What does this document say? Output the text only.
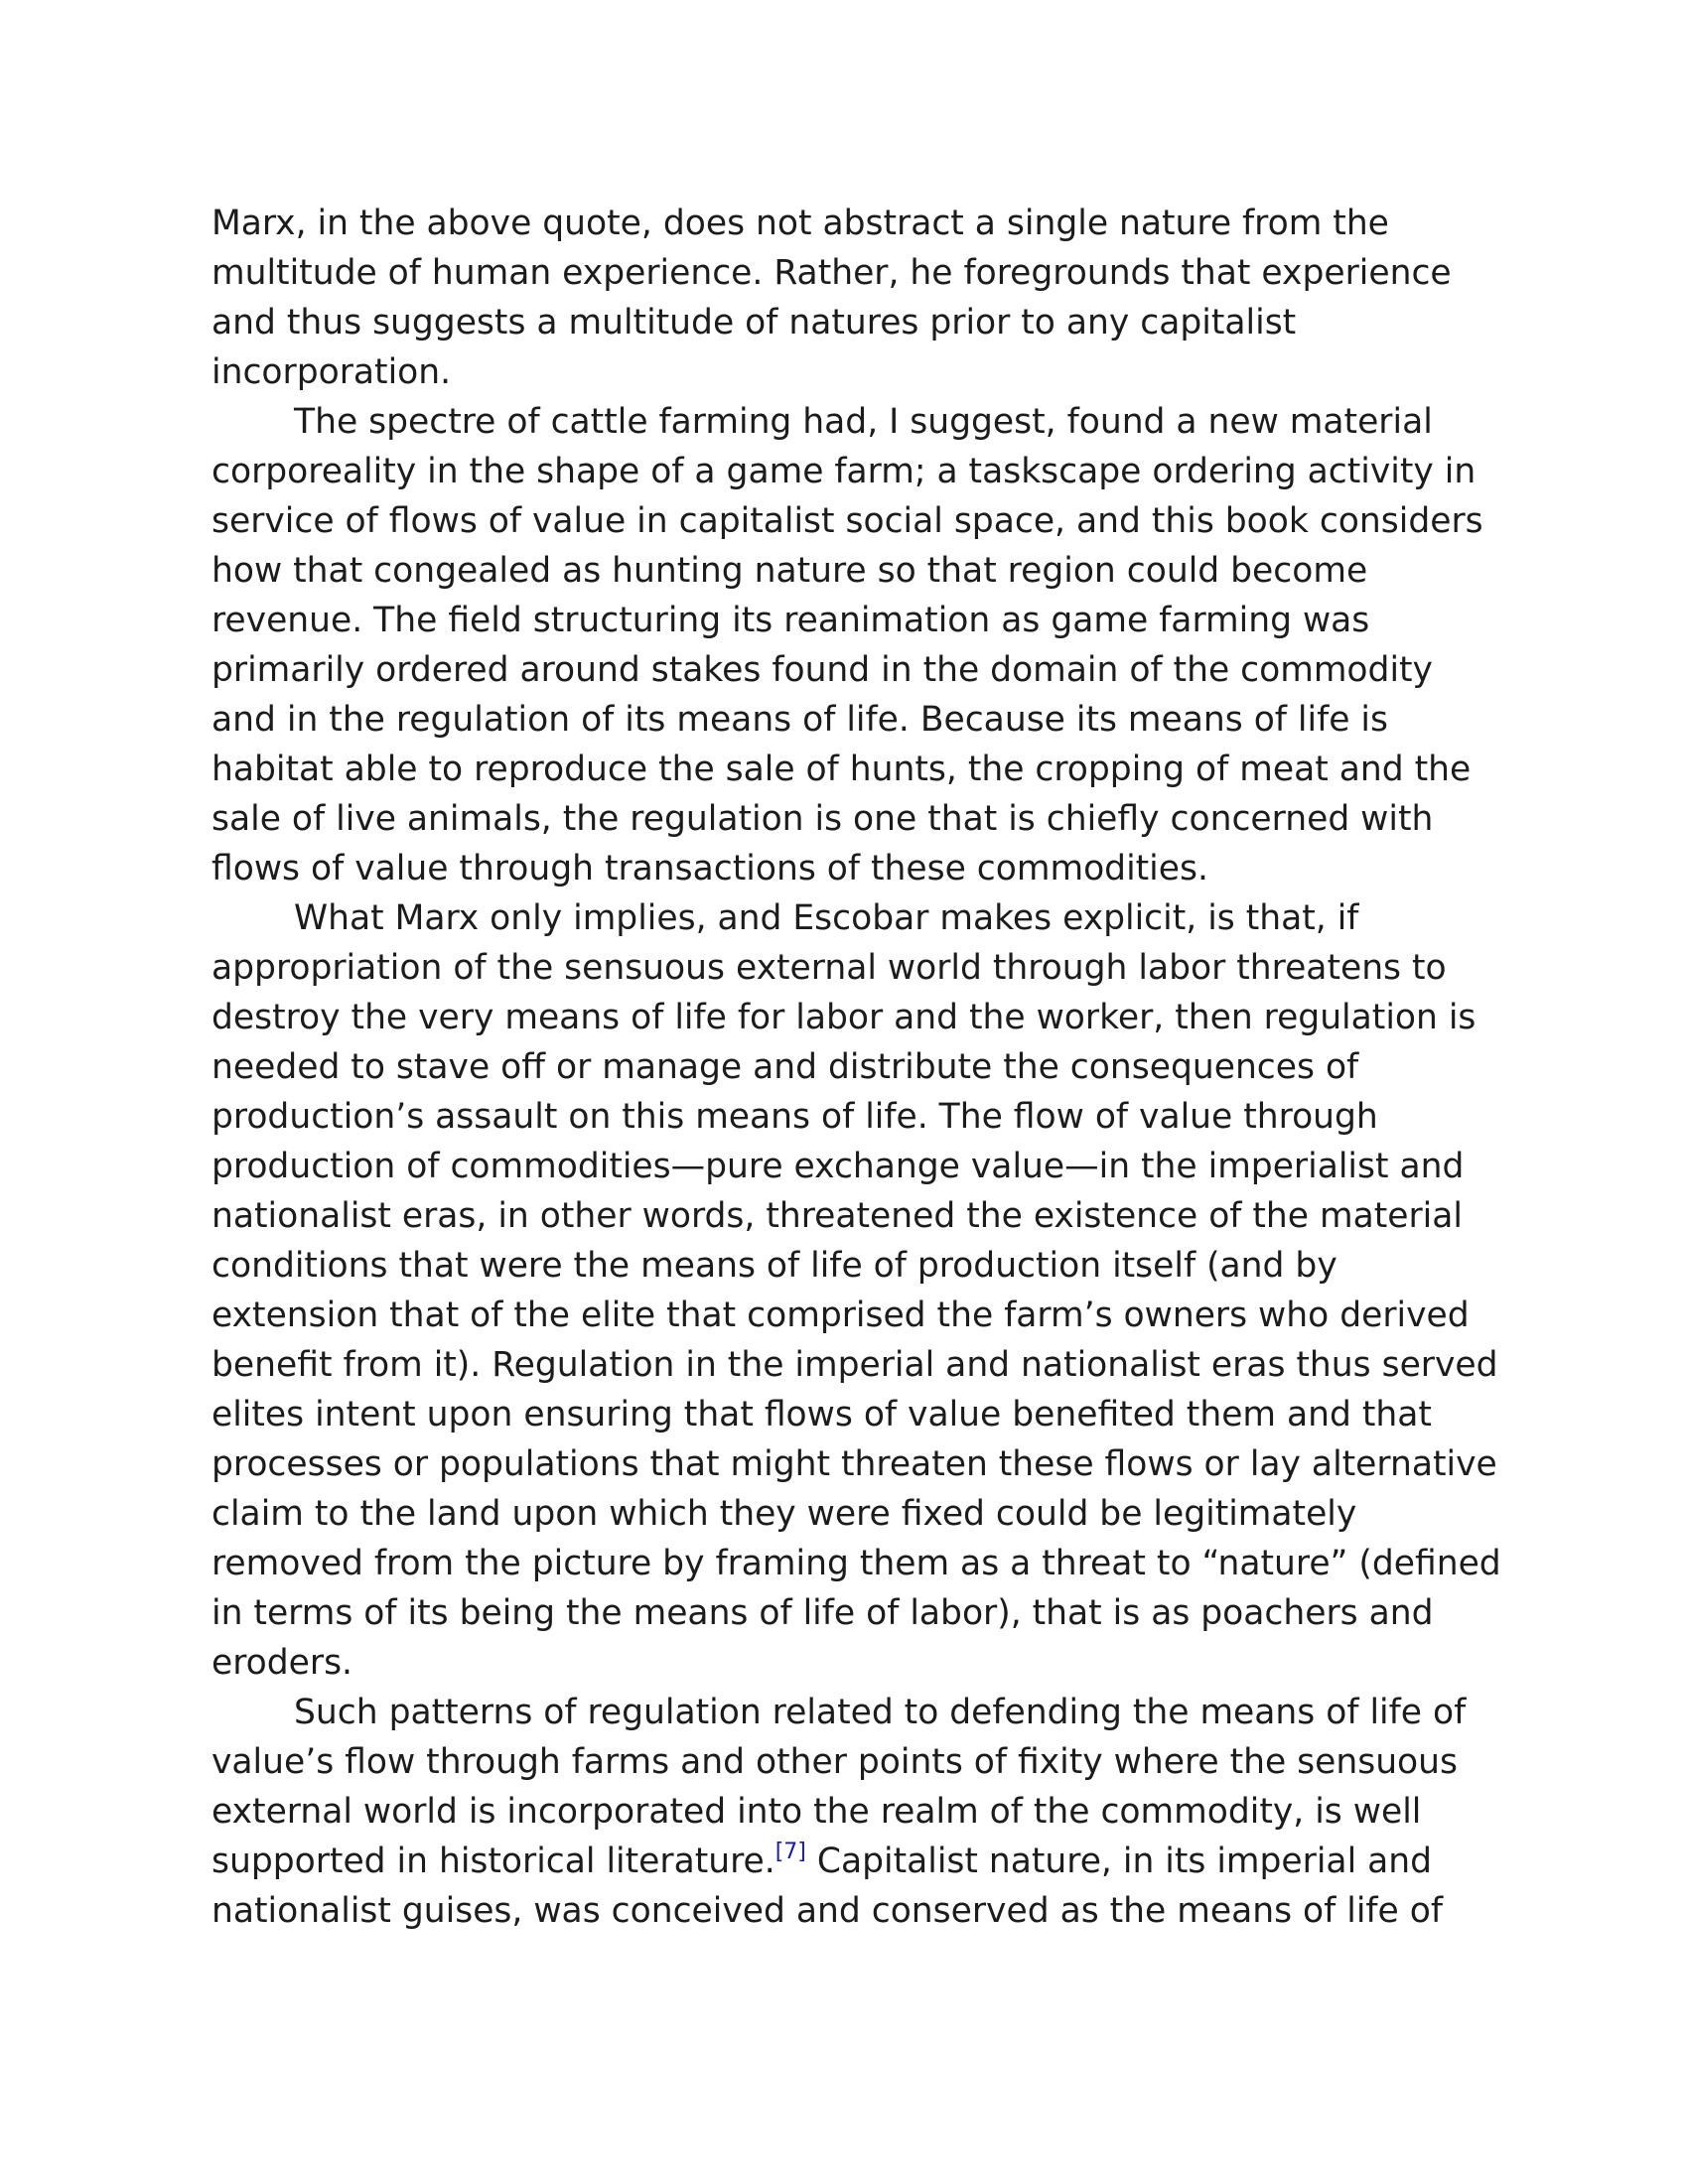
Marx, in the above quote, does not abstract a single nature from the
multitude of human experience. Rather, he foregrounds that experience
and thus suggests a multitude of natures prior to any capitalist
incorporation.

The spectre of cattle farming had, I suggest, found a new material
corporeality in the shape of a game farm; a taskscape ordering activity in
service of flows of value in capitalist social space, and this book considers
how that congealed as hunting nature so that region could become
revenue. The field structuring its reanimation as game farming was
primarily ordered around stakes found in the domain of the commodity
and in the regulation of its means of life. Because its means of life is
habitat able to reproduce the sale of hunts, the cropping of meat and the
sale of live animals, the regulation is one that is chiefly concerned with
flows of value through transactions of these commodities.

What Marx only implies, and Escobar makes explicit, is that, if
appropriation of the sensuous external world through labor threatens to
destroy the very means of life for labor and the worker, then regulation is
needed to stave off or manage and distribute the consequences of
production’s assault on this means of life. The flow of value through
production of commodities—pure exchange value—in the imperialist and
nationalist eras, in other words, threatened the existence of the material
conditions that were the means of life of production itself (and by
extension that of the elite that comprised the farm’s owners who derived
benefit from it). Regulation in the imperial and nationalist eras thus served
elites intent upon ensuring that flows of value benefited them and that
processes or populations that might threaten these flows or lay alternative
claim to the land upon which they were fixed could be legitimately
removed from the picture by framing them as a threat to “nature” (defined
in terms of its being the means of life of labor), that is as poachers and
eroders.

Such patterns of regulation related to defending the means of life of
value’s flow through farms and other points of fixity where the sensuous
external world is incorporated into the realm of the commodity, is well
supported in historical literature.[7] Capitalist nature, in its imperial and
nationalist guises, was conceived and conserved as the means of life of
